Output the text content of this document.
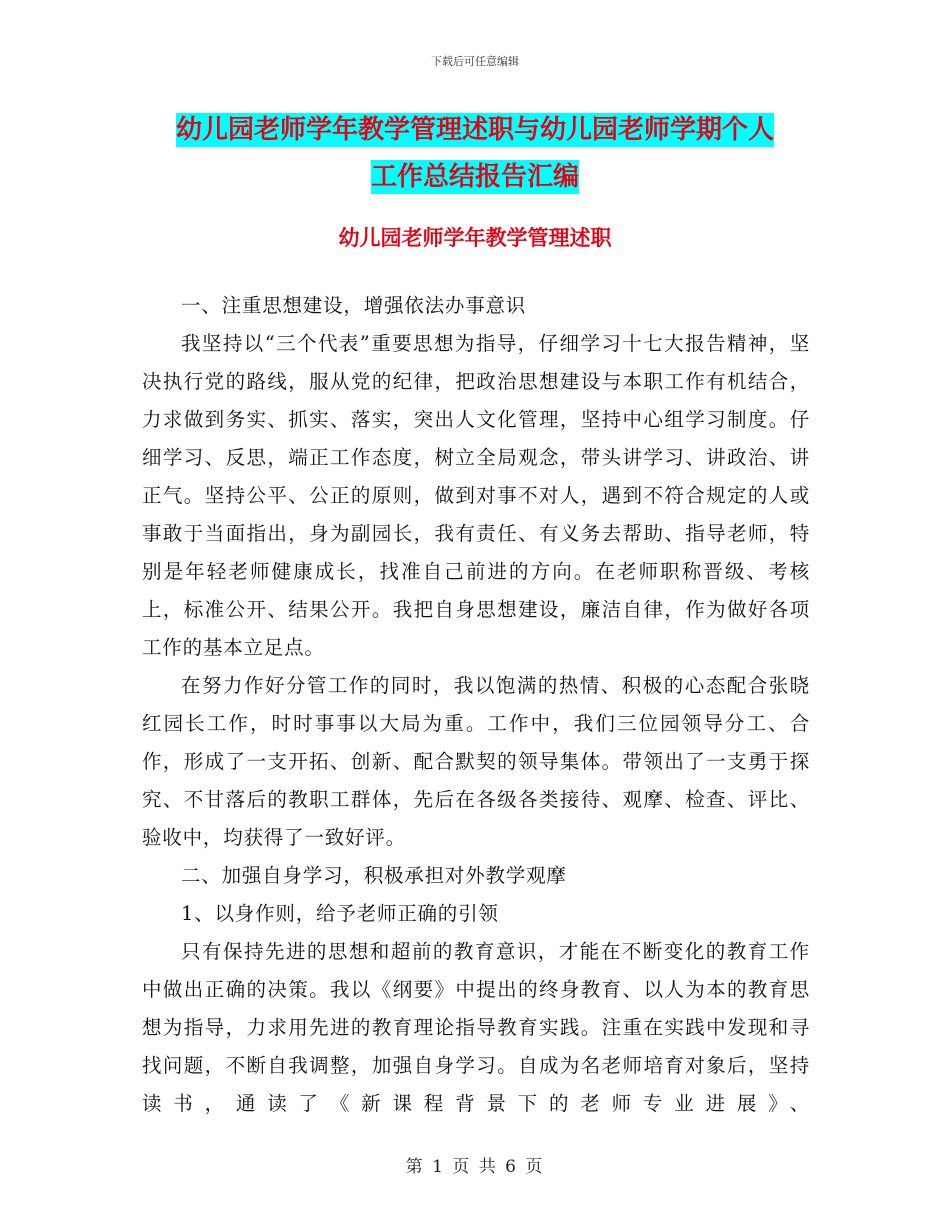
下载后可任意编辑
幼儿园老师学年教学管理述职与幼儿园老师学期个人
工作总结报告汇编
幼儿园老师学年教学管理述职

一、注重思想建设，增强依法办事意识

我坚持以“三个代表”重要思想为指导，仔细学习十七大报告精神，坚决执行党的路线，服从党的纪律，把政治思想建设与本职工作有机结合，力求做到务实、抓实、落实，突出人文化管理，坚持中心组学习制度。仔细学习、反思，端正工作态度，树立全局观念，带头讲学习、讲政治、讲正气。坚持公平、公正的原则，做到对事不对人，遇到不符合规定的人或事敢于当面指出，身为副园长，我有责任、有义务去帮助、指导老师，特别是年轻老师健康成长，找准自己前进的方向。在老师职称晋级、考核上，标准公开、结果公开。我把自身思想建设，廉洁自律，作为做好各项工作的基本立足点。

在努力作好分管工作的同时，我以饱满的热情、积极的心态配合张晓红园长工作，时时事事以大局为重。工作中，我们三位园领导分工、合作，形成了一支开拓、创新、配合默契的领导集体。带领出了一支勇于探究、不甘落后的教职工群体，先后在各级各类接待、观摩、检查、评比、验收中，均获得了一致好评。

二、加强自身学习，积极承担对外教学观摩

1、以身作则，给予老师正确的引领

只有保持先进的思想和超前的教育意识，才能在不断变化的教育工作中做出正确的决策。我以《纲要》中提出的终身教育、以人为本的教育思想为指导，力求用先进的教育理论指导教育实践。注重在实践中发现和寻找问题，不断自我调整，加强自身学习。自成为名老师培育对象后，坚持读书，通读了《新课程背景下的老师专业进展》、

第 1 页 共 6 页
